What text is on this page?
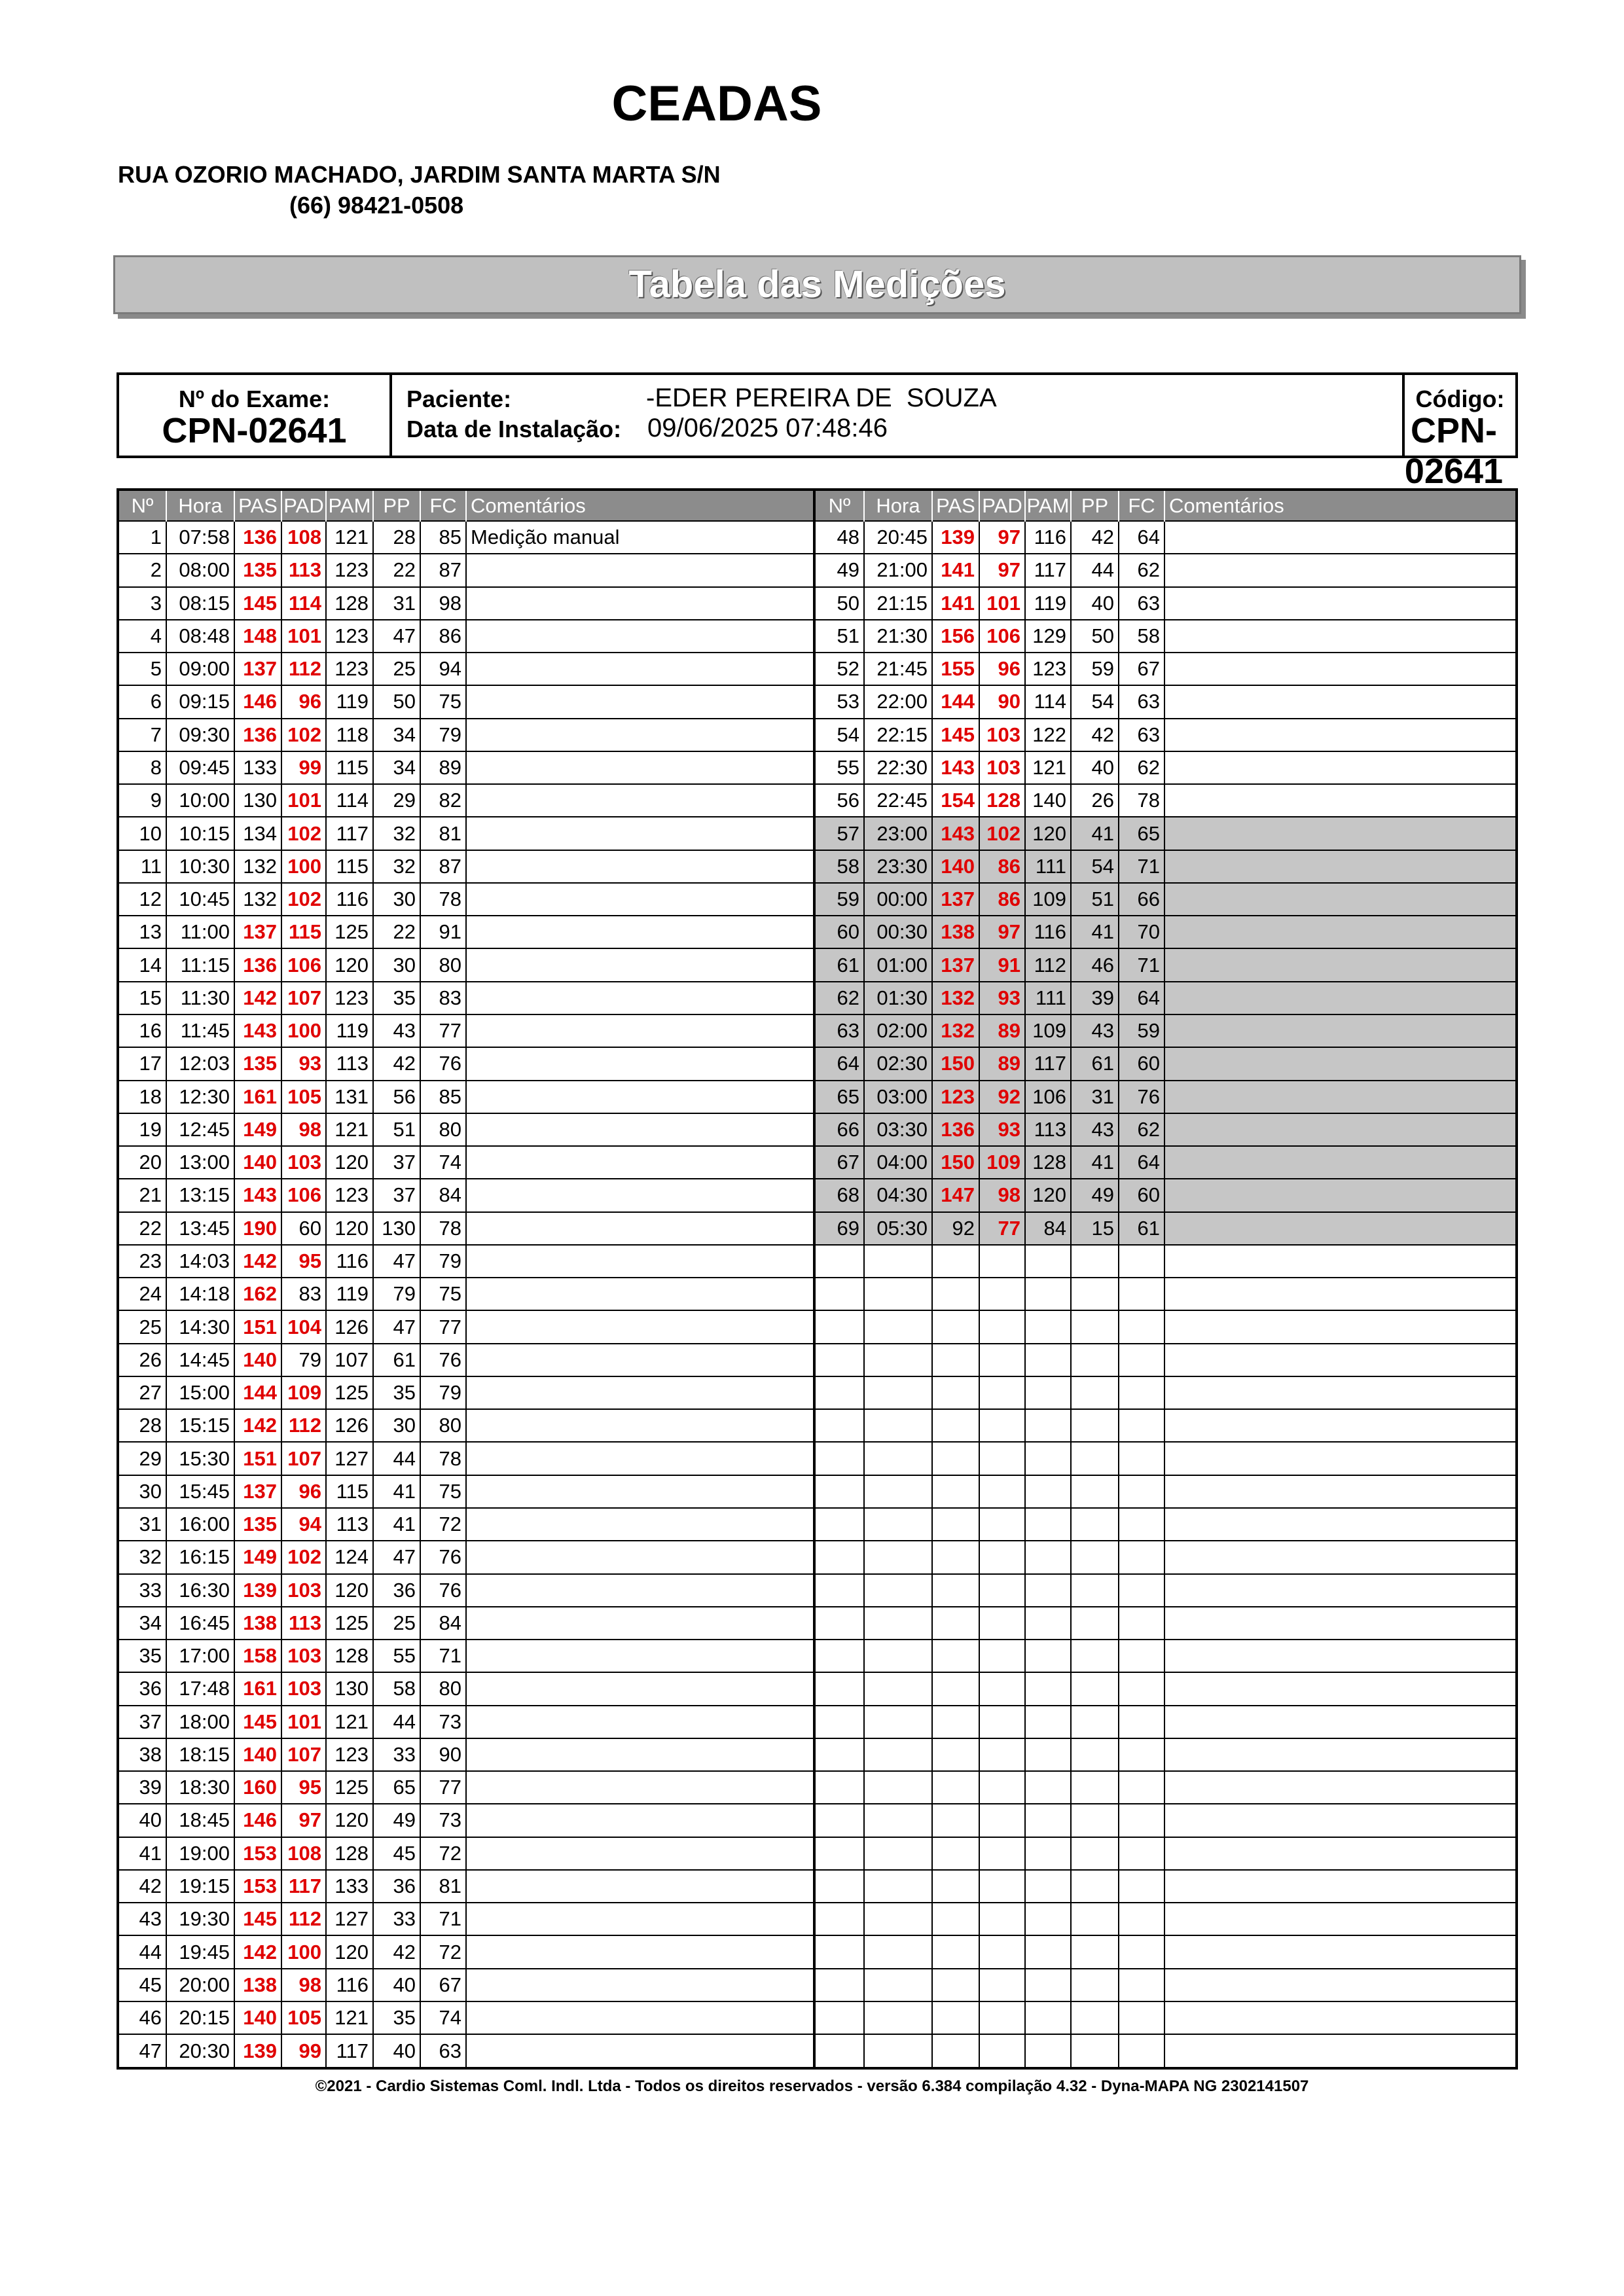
CEADAS
RUA OZORIO MACHADO, JARDIM SANTA MARTA S/N
(66) 98421-0508
Tabela das Medições
Nº do Exame:
CPN-02641
Paciente:	-EDER PEREIRA DE  SOUZA
Data de Instalação: 09/06/2025 07:48:46
Código:
CPN-02641
Nº	Hora	PAS	PAD	PAM	PP	FC	Comentários
1	07:58	136	108	121	28	85	Medição manual
2	08:00	135	113	123	22	87	
3	08:15	145	114	128	31	98	
4	08:48	148	101	123	47	86	
5	09:00	137	112	123	25	94	
6	09:15	146	96	119	50	75	
7	09:30	136	102	118	34	79	
8	09:45	133	99	115	34	89	
9	10:00	130	101	114	29	82	
10	10:15	134	102	117	32	81	
11	10:30	132	100	115	32	87	
12	10:45	132	102	116	30	78	
13	11:00	137	115	125	22	91	
14	11:15	136	106	120	30	80	
15	11:30	142	107	123	35	83	
16	11:45	143	100	119	43	77	
17	12:03	135	93	113	42	76	
18	12:30	161	105	131	56	85	
19	12:45	149	98	121	51	80	
20	13:00	140	103	120	37	74	
21	13:15	143	106	123	37	84	
22	13:45	190	60	120	130	78	
23	14:03	142	95	116	47	79	
24	14:18	162	83	119	79	75	
25	14:30	151	104	126	47	77	
26	14:45	140	79	107	61	76	
27	15:00	144	109	125	35	79	
28	15:15	142	112	126	30	80	
29	15:30	151	107	127	44	78	
30	15:45	137	96	115	41	75	
31	16:00	135	94	113	41	72	
32	16:15	149	102	124	47	76	
33	16:30	139	103	120	36	76	
34	16:45	138	113	125	25	84	
35	17:00	158	103	128	55	71	
36	17:48	161	103	130	58	80	
37	18:00	145	101	121	44	73	
38	18:15	140	107	123	33	90	
39	18:30	160	95	125	65	77	
40	18:45	146	97	120	49	73	
41	19:00	153	108	128	45	72	
42	19:15	153	117	133	36	81	
43	19:30	145	112	127	33	71	
44	19:45	142	100	120	42	72	
45	20:00	138	98	116	40	67	
46	20:15	140	105	121	35	74	
47	20:30	139	99	117	40	63	
Nº	Hora	PAS	PAD	PAM	PP	FC	Comentários
48	20:45	139	97	116	42	64	
49	21:00	141	97	117	44	62	
50	21:15	141	101	119	40	63	
51	21:30	156	106	129	50	58	
52	21:45	155	96	123	59	67	
53	22:00	144	90	114	54	63	
54	22:15	145	103	122	42	63	
55	22:30	143	103	121	40	62	
56	22:45	154	128	140	26	78	
57	23:00	143	102	120	41	65	
58	23:30	140	86	111	54	71	
59	00:00	137	86	109	51	66	
60	00:30	138	97	116	41	70	
61	01:00	137	91	112	46	71	
62	01:30	132	93	111	39	64	
63	02:00	132	89	109	43	59	
64	02:30	150	89	117	61	60	
65	03:00	123	92	106	31	76	
66	03:30	136	93	113	43	62	
67	04:00	150	109	128	41	64	
68	04:30	147	98	120	49	60	
69	05:30	92	77	84	15	61	

©2021 - Cardio Sistemas Coml. Indl. Ltda - Todos os direitos reservados - versão 6.384 compilação 4.32 - Dyna-MAPA NG 2302141507
